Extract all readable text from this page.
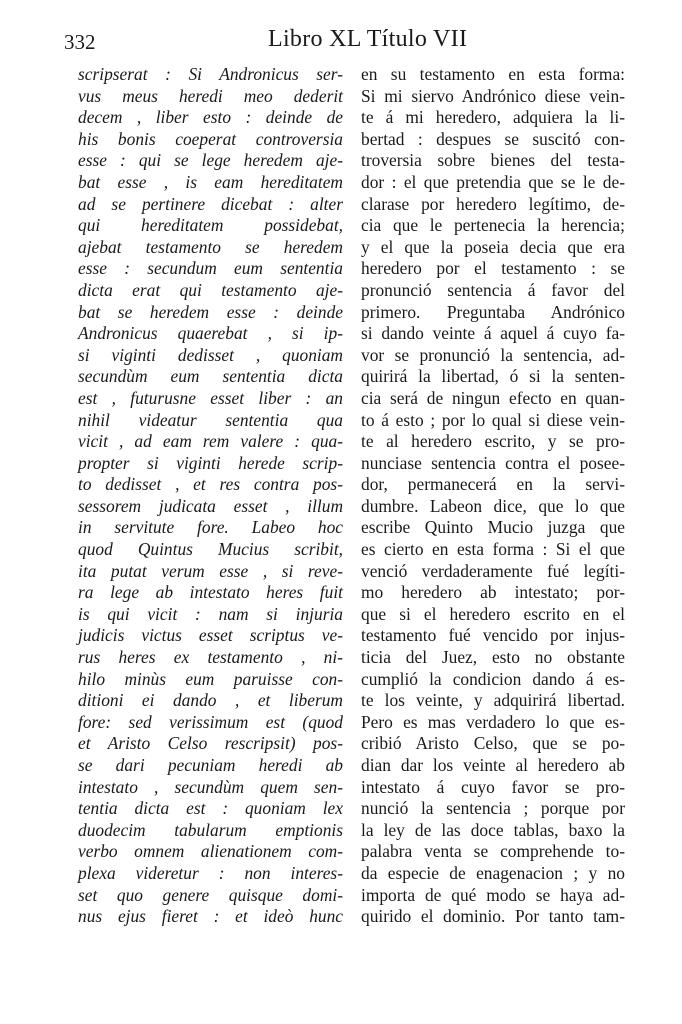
332	Libro XL Título VII
scripserat : Si Andronicus ser-
vus meus heredi meo dederit
decem , liber esto : deinde de
his bonis coeperat controversia
esse : qui se lege heredem aje-
bat esse , is eam hereditatem
ad se pertinere dicebat : alter
qui hereditatem possidebat,
ajebat testamento se heredem
esse : secundum eum sententia
dicta erat qui testamento aje-
bat se heredem esse : deinde
Andronicus quaerebat , si ip-
si viginti dedisset , quoniam
secundùm eum sententia dicta
est , futurusne esset liber : an
nihil videatur sententia qua
vicit , ad eam rem valere : qua-
propter si viginti herede scrip-
to dedisset , et res contra pos-
sessorem judicata esset , illum
in servitute fore. Labeo hoc
quod Quintus Mucius scribit,
ita putat verum esse , si reve-
ra lege ab intestato heres fuit
is qui vicit : nam si injuria
judicis victus esset scriptus ve-
rus heres ex testamento , ni-
hilo minùs eum paruisse con-
ditioni ei dando , et liberum
fore: sed verissimum est (quod
et Aristo Celso rescripsit) pos-
se dari pecuniam heredi ab
intestato , secundùm quem sen-
tentia dicta est : quoniam lex
duodecim tabularum emptionis
verbo omnem alienationem com-
plexa videretur : non interes-
set quo genere quisque domi-
nus ejus fieret : et ideò hunc
en su testamento en esta forma:
Si mi siervo Andrónico diese vein-
te á mi heredero, adquiera la li-
bertad : despues se suscitó con-
troversia sobre bienes del testa-
dor : el que pretendia que se le de-
clarase por heredero legítimo, de-
cia que le pertenecia la herencia;
y el que la poseia decia que era
heredero por el testamento : se
pronunció sentencia á favor del
primero. Preguntaba Andrónico
si dando veinte á aquel á cuyo fa-
vor se pronunció la sentencia, ad-
quirirá la libertad, ó si la senten-
cia será de ningun efecto en quan-
to á esto ; por lo qual si diese vein-
te al heredero escrito, y se pro-
nunciase sentencia contra el posee-
dor, permanecerá en la servi-
dumbre. Labeon dice, que lo que
escribe Quinto Mucio juzga que
es cierto en esta forma : Si el que
venció verdaderamente fué legíti-
mo heredero ab intestato; por-
que si el heredero escrito en el
testamento fué vencido por injus-
ticia del Juez, esto no obstante
cumplió la condicion dando á es-
te los veinte, y adquirirá libertad.
Pero es mas verdadero lo que es-
cribió Aristo Celso, que se po-
dian dar los veinte al heredero ab
intestato á cuyo favor se pro-
nunció la sentencia ; porque por
la ley de las doce tablas, baxo la
palabra venta se comprehende to-
da especie de enagenacion ; y no
importa de qué modo se haya ad-
quirido el dominio. Por tanto tam-
